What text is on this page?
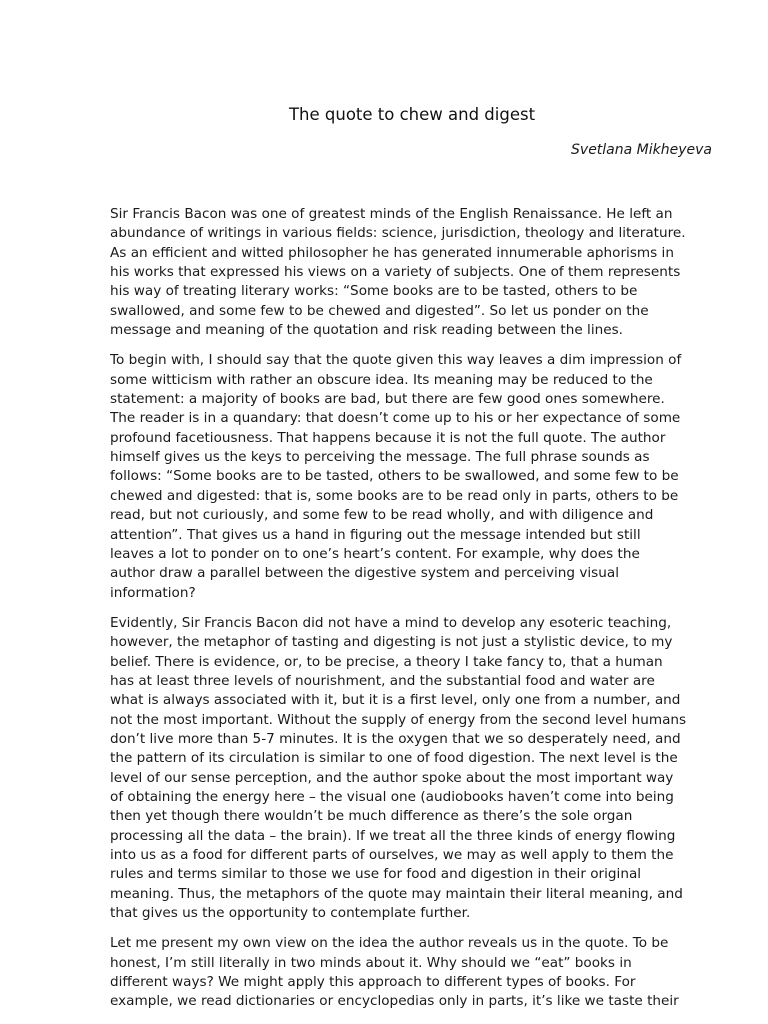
The quote to chew and digest
Svetlana Mikheyeva

Sir Francis Bacon was one of greatest minds of the English Renaissance. He left an
abundance of writings in various fields: science, jurisdiction, theology and literature.
As an efficient and witted philosopher he has generated innumerable aphorisms in
his works that expressed his views on a variety of subjects. One of them represents
his way of treating literary works: “Some books are to be tasted, others to be
swallowed, and some few to be chewed and digested”. So let us ponder on the
message and meaning of the quotation and risk reading between the lines.

To begin with, I should say that the quote given this way leaves a dim impression of
some witticism with rather an obscure idea. Its meaning may be reduced to the
statement: a majority of books are bad, but there are few good ones somewhere.
The reader is in a quandary: that doesn’t come up to his or her expectance of some
profound facetiousness. That happens because it is not the full quote. The author
himself gives us the keys to perceiving the message. The full phrase sounds as
follows: “Some books are to be tasted, others to be swallowed, and some few to be
chewed and digested: that is, some books are to be read only in parts, others to be
read, but not curiously, and some few to be read wholly, and with diligence and
attention”. That gives us a hand in figuring out the message intended but still
leaves a lot to ponder on to one’s heart’s content. For example, why does the
author draw a parallel between the digestive system and perceiving visual
information?

Evidently, Sir Francis Bacon did not have a mind to develop any esoteric teaching,
however, the metaphor of tasting and digesting is not just a stylistic device, to my
belief. There is evidence, or, to be precise, a theory I take fancy to, that a human
has at least three levels of nourishment, and the substantial food and water are
what is always associated with it, but it is a first level, only one from a number, and
not the most important. Without the supply of energy from the second level humans
don’t live more than 5-7 minutes. It is the oxygen that we so desperately need, and
the pattern of its circulation is similar to one of food digestion. The next level is the
level of our sense perception, and the author spoke about the most important way
of obtaining the energy here – the visual one (audiobooks haven’t come into being
then yet though there wouldn’t be much difference as there’s the sole organ
processing all the data – the brain). If we treat all the three kinds of energy flowing
into us as a food for different parts of ourselves, we may as well apply to them the
rules and terms similar to those we use for food and digestion in their original
meaning. Thus, the metaphors of the quote may maintain their literal meaning, and
that gives us the opportunity to contemplate further.

Let me present my own view on the idea the author reveals us in the quote. To be
honest, I’m still literally in two minds about it. Why should we “eat” books in
different ways? We might apply this approach to different types of books. For
example, we read dictionaries or encyclopedias only in parts, it’s like we taste their
